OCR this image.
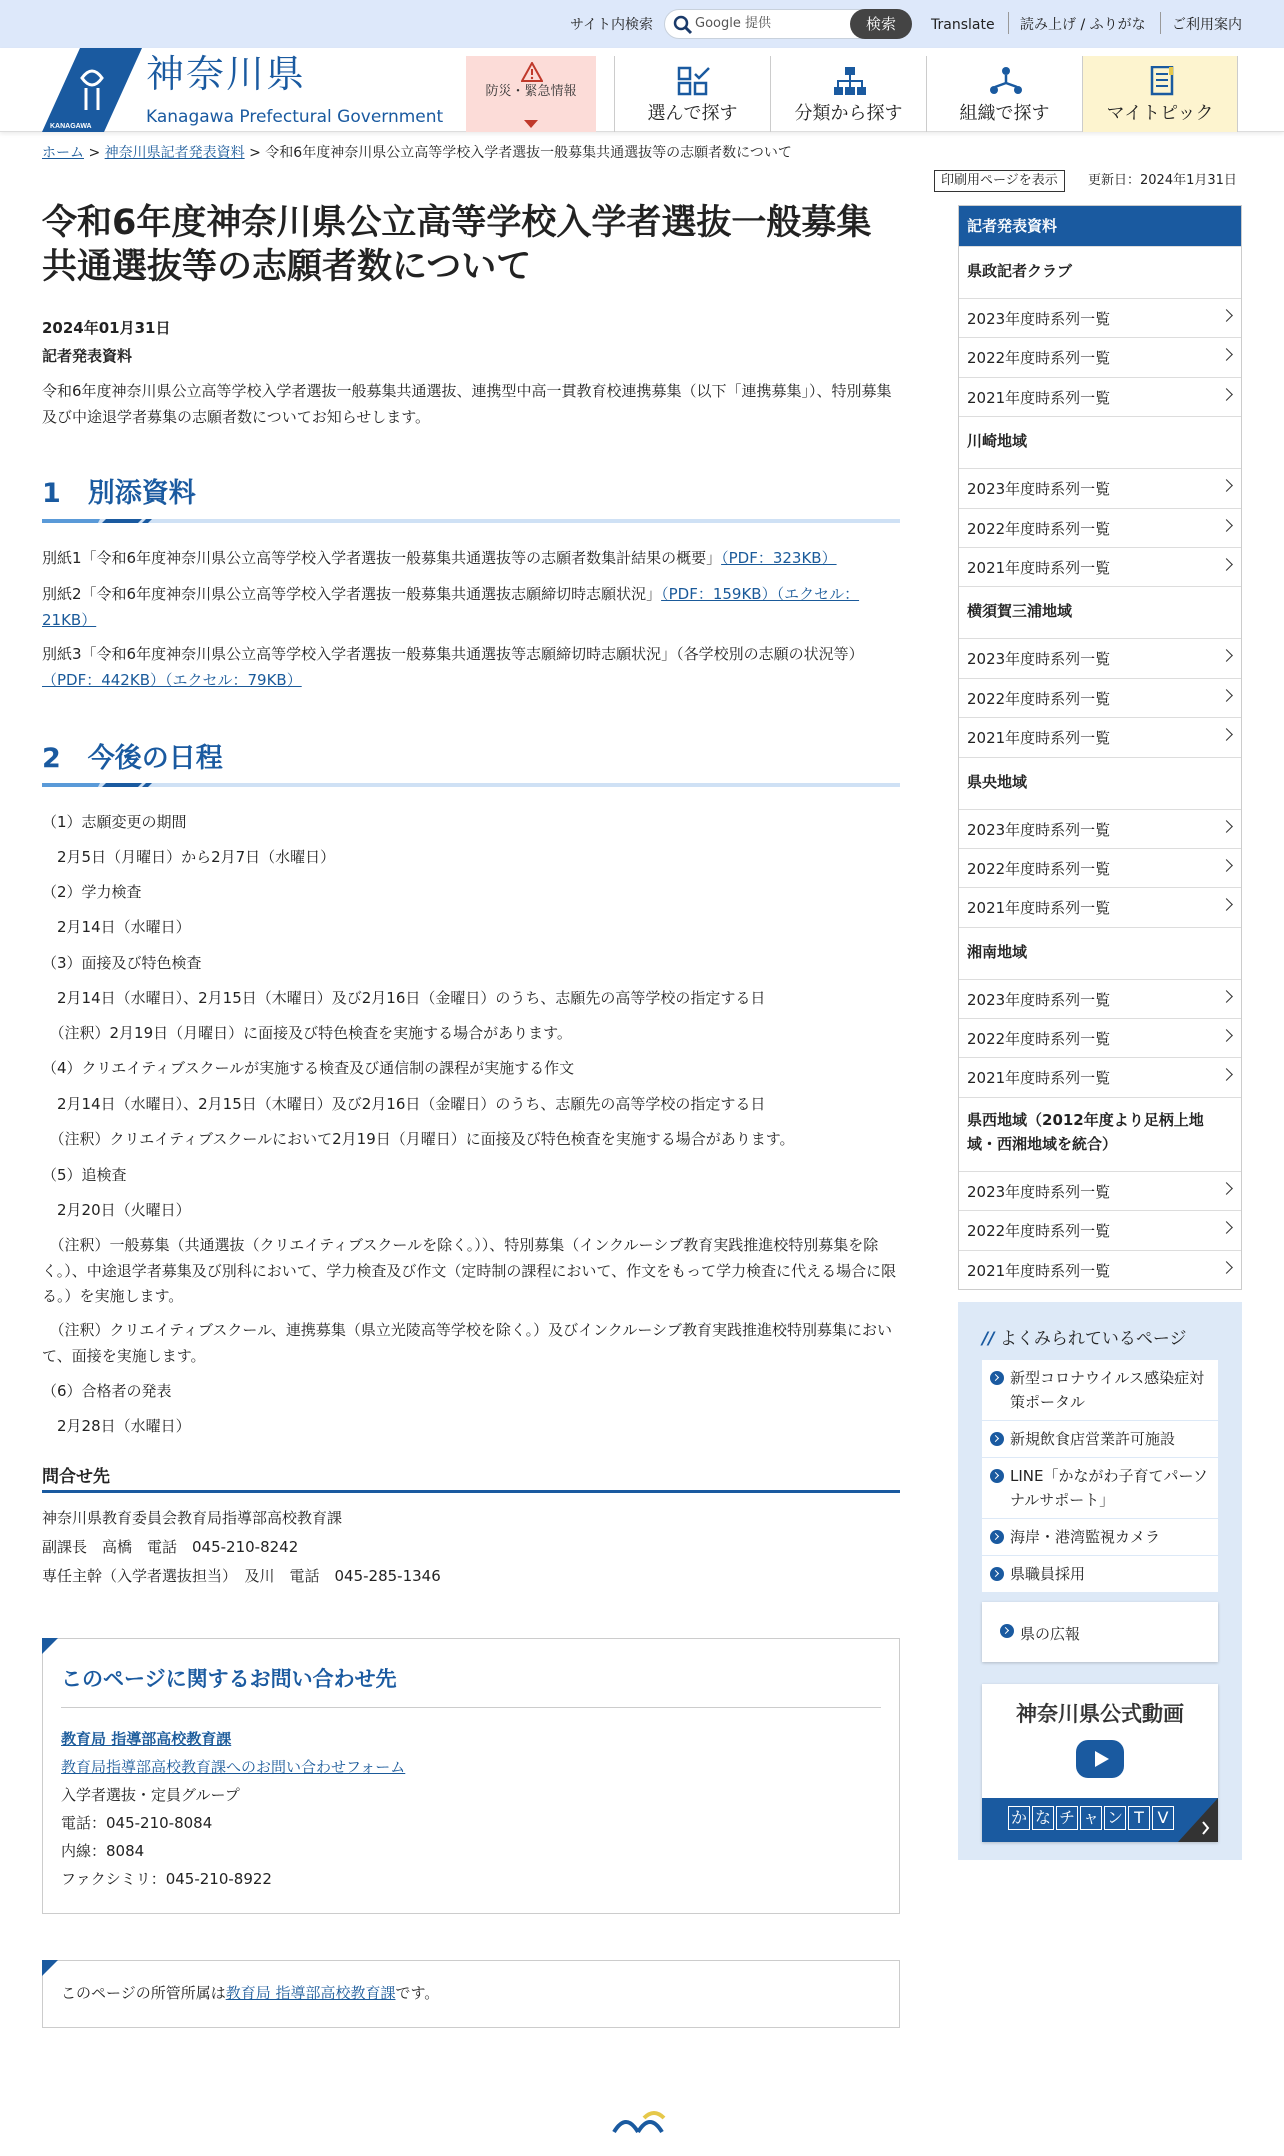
サイト内検索	Google 提供	検索	Translate 読み上げ / ふりがな ご利用案内
KANAGAWA
神奈川県
Kanagawa Prefectural Government
防災・緊急情報
選んで探す	分類から探す	組織で探す	マイトピック
ホーム > 神奈川県記者発表資料 > 令和6年度神奈川県公立高等学校入学者選抜一般募集共通選抜等の志願者数について
印刷用ページを表示	更新日：2024年1月31日
令和6年度神奈川県公立高等学校入学者選抜一般募集共通選抜等の志願者数について
2024年01月31日
記者発表資料

令和6年度神奈川県公立高等学校入学者選抜一般募集共通選抜、連携型中高一貫教育校連携募集（以下「連携募集」）、特別募集及び中途退学者募集の志願者数についてお知らせします。

1　別添資料

別紙1「令和6年度神奈川県公立高等学校入学者選抜一般募集共通選抜等の志願者数集計結果の概要」（PDF：323KB）

別紙2「令和6年度神奈川県公立高等学校入学者選抜一般募集共通選抜志願締切時志願状況」（PDF：159KB）（エクセル：21KB）

別紙3「令和6年度神奈川県公立高等学校入学者選抜一般募集共通選抜等志願締切時志願状況」（各学校別の志願の状況等）（PDF：442KB）（エクセル：79KB）

2　今後の日程

（1）志願変更の期間

　2月5日（月曜日）から2月7日（水曜日）

（2）学力検査

　2月14日（水曜日）

（3）面接及び特色検査

　2月14日（水曜日）、2月15日（木曜日）及び2月16日（金曜日）のうち、志願先の高等学校の指定する日

　（注釈）2月19日（月曜日）に面接及び特色検査を実施する場合があります。

（4）クリエイティブスクールが実施する検査及び通信制の課程が実施する作文

　2月14日（水曜日）、2月15日（木曜日）及び2月16日（金曜日）のうち、志願先の高等学校の指定する日

　（注釈）クリエイティブスクールにおいて2月19日（月曜日）に面接及び特色検査を実施する場合があります。

（5）追検査

　2月20日（火曜日）

　（注釈）一般募集（共通選抜（クリエイティブスクールを除く。））、特別募集（インクルーシブ教育実践推進校特別募集を除く。）、中途退学者募集及び別科において、学力検査及び作文（定時制の課程において、作文をもって学力検査に代える場合に限る。）を実施します。

　（注釈）クリエイティブスクール、連携募集（県立光陵高等学校を除く。）及びインクルーシブ教育実践推進校特別募集において、面接を実施します。

（6）合格者の発表

　2月28日（水曜日）

問合せ先

神奈川県教育委員会教育局指導部高校教育課

副課長　高橋　電話　045-210-8242

専任主幹（入学者選抜担当）　及川　電話　045-285-1346

このページに関するお問い合わせ先
教育局 指導部高校教育課
教育局指導部高校教育課へのお問い合わせフォーム
入学者選抜・定員グループ
電話：045-210-8084
内線：8084
ファクシミリ：045-210-8922
このページの所管所属は教育局 指導部高校教育課です。
記者発表資料
県政記者クラブ
2023年度時系列一覧
2022年度時系列一覧
2021年度時系列一覧
川崎地域
2023年度時系列一覧
2022年度時系列一覧
2021年度時系列一覧
横須賀三浦地域
2023年度時系列一覧
2022年度時系列一覧
2021年度時系列一覧
県央地域
2023年度時系列一覧
2022年度時系列一覧
2021年度時系列一覧
湘南地域
2023年度時系列一覧
2022年度時系列一覧
2021年度時系列一覧
県西地域（2012年度より足柄上地域・西湘地域を統合）
2023年度時系列一覧
2022年度時系列一覧
2021年度時系列一覧
// よくみられているページ
新型コロナウイルス感染症対策ポータル
新規飲食店営業許可施設
LINE「かながわ子育てパーソナルサポート」
海岸・港湾監視カメラ
県職員採用
県の広報
神奈川県公式動画
か な チ ャ ン T V
